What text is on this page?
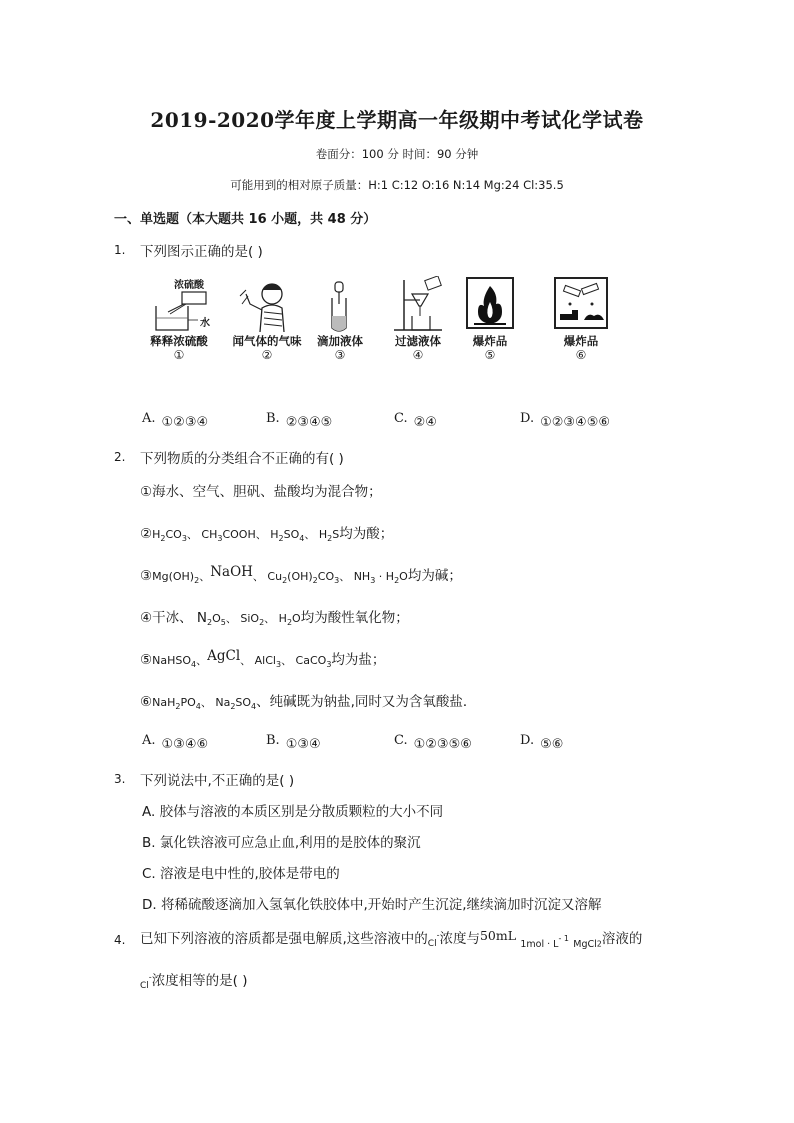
2019-2020学年度上学期高一年级期中考试化学试卷
卷面分：100 分 时间：90 分钟
可能用到的相对原子质量：H:1 C:12 O:16 N:14 Mg:24 Cl:35.5
一、单选题（本大题共 16 小题，共 48 分）
1. 下列图示正确的是( )
浓硫酸
水
释释浓硫酸
①
闻气体的气味
②
滴加液体
③
过滤液体
④
爆炸品
⑤
爆炸品
⑥
A. ①②③④	B. ②③④⑤	C. ②④	D. ①②③④⑤⑥
2. 下列物质的分类组合不正确的有( )
①海水、空气、胆矾、盐酸均为混合物；
$②H_2CO_3$、 $CH_3COOH$、 $H_2SO_4$、 $H_2S$均为酸；
$③Mg(OH)_2$、NaOH、 $Cu_2(OH)_2CO_3$、 $NH_3 \cdot H_2O$均为碱；
④干冰、 $N_2O_5$、 SiO$_2$、 $H_2O$均为酸性氧化物；
⑤NaHSO$_4$、AgCl、 AlCl$_3$、 CaCO$_3$均为盐；
$⑥NaH_2PO_4$、 $Na_2SO_4$、纯碱既为钠盐,同时又为含氧酸盐．
A. ①③④⑥	B. ①③④	C. ①②③⑤⑥	D. ⑤⑥
3. 下列说法中,不正确的是( )
A. 胶体与溶液的本质区别是分散质颗粒的大小不同
B. 氯化铁溶液可应急止血,利用的是胶体的聚沉
C. 溶液是电中性的,胶体是带电的
D. 将稀硫酸逐滴加入氢氧化铁胶体中,开始时产生沉淀,继续滴加时沉淀又溶解
4. 已知下列溶液的溶质都是强电解质,这些溶液中的$_{Cl}$-浓度与50mL $_{1mol \cdot L}^{- 1}$ $_{MgCl2}$溶液的
$_{Cl}$-浓度相等的是( )
